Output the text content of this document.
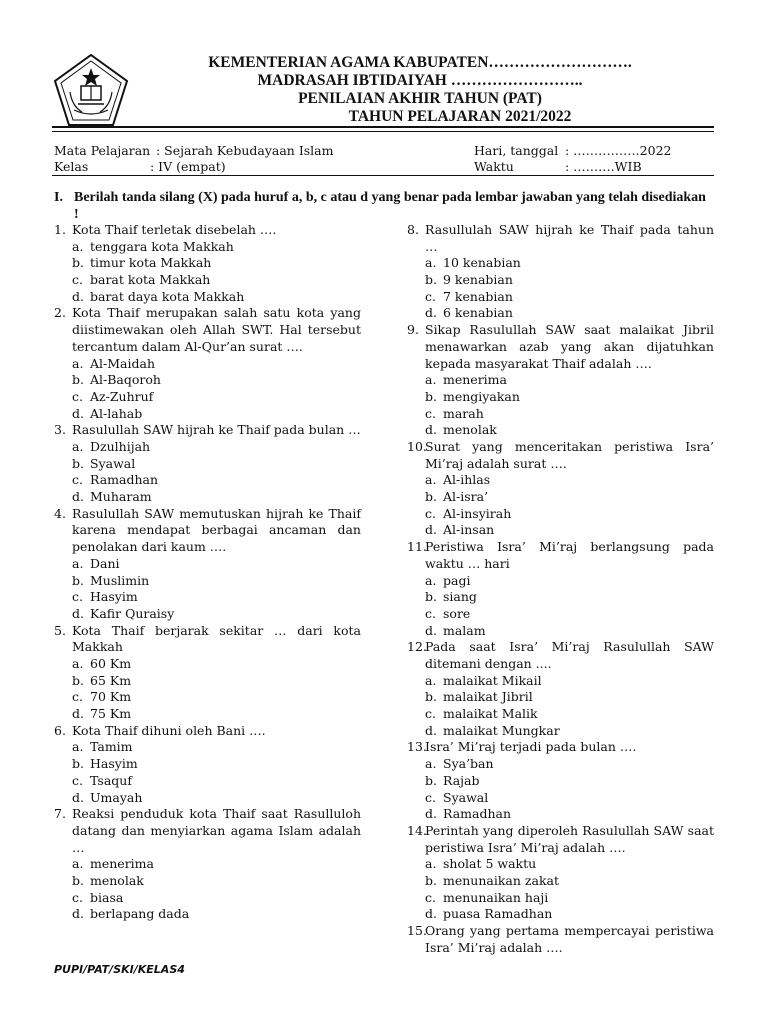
KEMENTERIAN AGAMA KABUPATEN……………………….
MADRASAH IBTIDAIYAH ……………………..
PENILAIAN AKHIR TAHUN (PAT)
TAHUN PELAJARAN 2021/2022
Mata Pelajaran : Sejarah Kebudayaan Islam
Kelas	: IV (empat)
Hari, tanggal : …………….2022
Waktu	: ……….WIB
I. Berilah tanda silang (X) pada huruf a, b, c atau d yang benar pada lembar jawaban yang telah disediakan !
1. Kota Thaif terletak disebelah ….
a. tenggara kota Makkah
b. timur kota Makkah
c. barat kota Makkah
d. barat daya kota Makkah
2. Kota Thaif merupakan salah satu kota yang diistimewakan oleh Allah SWT. Hal tersebut tercantum dalam Al-Qur’an surat ….
a. Al-Maidah
b. Al-Baqoroh
c. Az-Zuhruf
d. Al-lahab
3. Rasulullah SAW hijrah ke Thaif pada bulan …
a. Dzulhijah
b. Syawal
c. Ramadhan
d. Muharam
4. Rasulullah SAW memutuskan hijrah ke Thaif karena mendapat berbagai ancaman dan penolakan dari kaum ….
a. Dani
b. Muslimin
c. Hasyim
d. Kafir Quraisy
5. Kota Thaif berjarak sekitar … dari kota Makkah
a. 60 Km
b. 65 Km
c. 70 Km
d. 75 Km
6. Kota Thaif dihuni oleh Bani ….
a. Tamim
b. Hasyim
c. Tsaquf
d. Umayah
7. Reaksi penduduk kota Thaif saat Rasulluloh datang dan menyiarkan agama Islam adalah …
a. menerima
b. menolak
c. biasa
d. berlapang dada
8. Rasullulah SAW hijrah ke Thaif pada tahun …
a. 10 kenabian
b. 9 kenabian
c. 7 kenabian
d. 6 kenabian
9. Sikap Rasulullah SAW saat malaikat Jibril menawarkan azab yang akan dijatuhkan kepada masyarakat Thaif adalah ….
a. menerima
b. mengiyakan
c. marah
d. menolak
10.
Surat yang menceritakan peristiwa Isra’ Mi’raj adalah surat ….
a. Al-ihlas
b. Al-isra’
c. Al-insyirah
d. Al-insan
11.
Peristiwa Isra’ Mi’raj berlangsung pada waktu … hari
a. pagi
b. siang
c. sore
d. malam
12.
Pada saat Isra’ Mi’raj Rasulullah SAW ditemani dengan ....
a. malaikat Mikail
b. malaikat Jibril
c. malaikat Malik
d. malaikat Mungkar
13.
Isra’ Mi’raj terjadi pada bulan ….
a. Sya’ban
b. Rajab
c. Syawal
d. Ramadhan
14.
Perintah yang diperoleh Rasulullah SAW saat peristiwa Isra’ Mi’raj adalah ….
a. sholat 5 waktu
b. menunaikan zakat
c. menunaikan haji
d. puasa Ramadhan
15.
Orang yang pertama mempercayai peristiwa Isra’ Mi’raj adalah ….
PUPI/PAT/SKI/KELAS4
